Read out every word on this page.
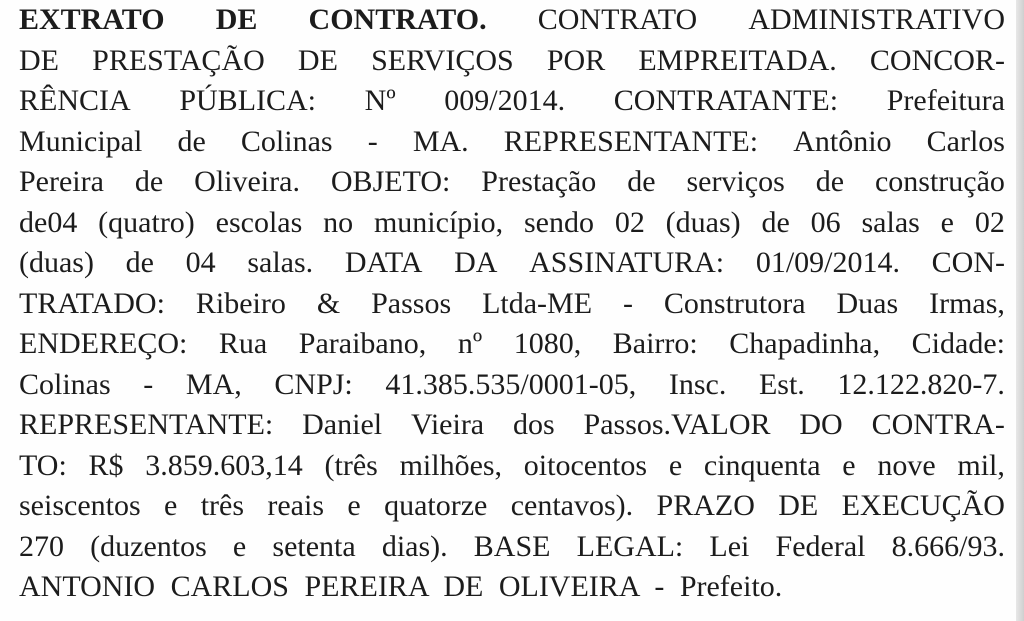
EXTRATO DE CONTRATO. CONTRATO ADMINISTRATIVO
DE PRESTAÇÃO DE SERVIÇOS POR EMPREITADA. CONCOR-
RÊNCIA PÚBLICA: Nº 009/2014. CONTRATANTE: Prefeitura
Municipal de Colinas - MA. REPRESENTANTE: Antônio Carlos
Pereira de Oliveira. OBJETO: Prestação de serviços de construção
de04 (quatro) escolas no município, sendo 02 (duas) de 06 salas e 02
(duas) de 04 salas. DATA DA ASSINATURA: 01/09/2014. CON-
TRATADO: Ribeiro & Passos Ltda-ME - Construtora Duas Irmas,
ENDEREÇO: Rua Paraibano, nº 1080, Bairro: Chapadinha, Cidade:
Colinas - MA, CNPJ: 41.385.535/0001-05, Insc. Est. 12.122.820-7.
REPRESENTANTE: Daniel Vieira dos Passos.VALOR DO CONTRA-
TO: R$ 3.859.603,14 (três milhões, oitocentos e cinquenta e nove mil,
seiscentos e três reais e quatorze centavos). PRAZO DE EXECUÇÃO
270 (duzentos e setenta dias). BASE LEGAL: Lei Federal 8.666/93.
ANTONIO CARLOS PEREIRA DE OLIVEIRA - Prefeito.
